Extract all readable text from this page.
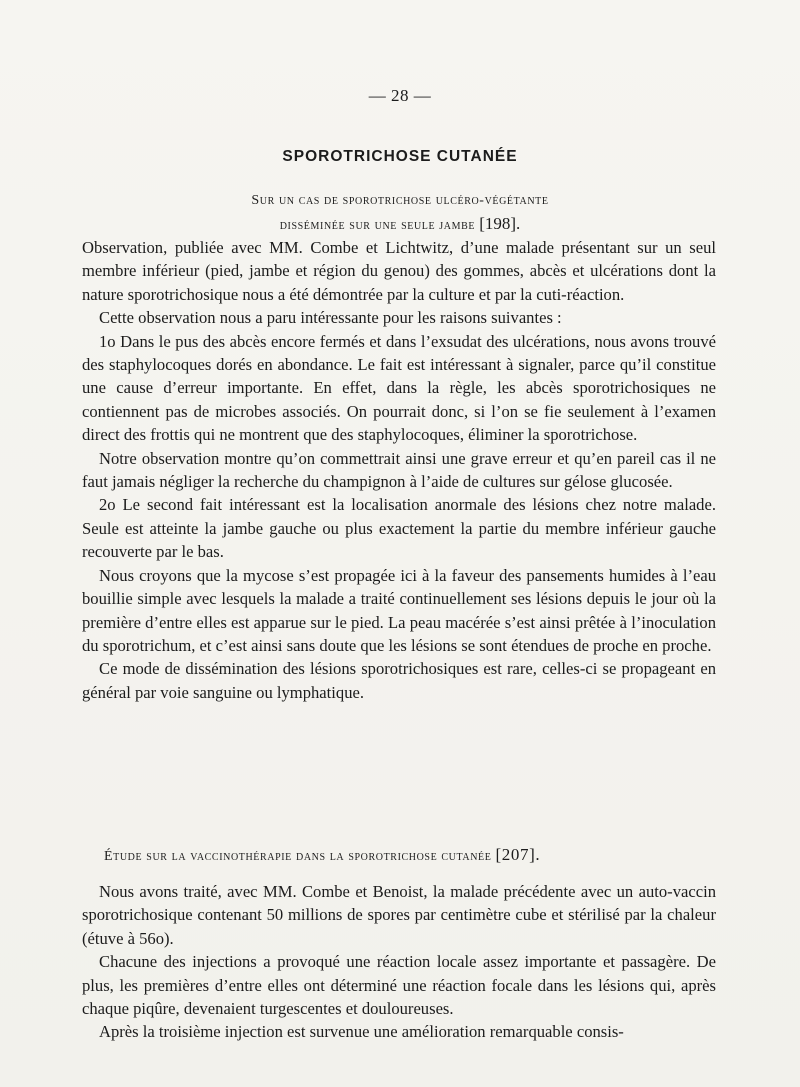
— 28 —
SPOROTRICHOSE CUTANÉE
Sur un cas de sporotrichose ulcéro-végétante
disséminée sur une seule jambe [198].

Observation, publiée avec MM. Combe et Lichtwitz, d’une malade présentant sur un seul membre inférieur (pied, jambe et région du genou) des gommes, abcès et ulcérations dont la nature sporotrichosique nous a été démontrée par la culture et par la cuti-réaction.

Cette observation nous a paru intéressante pour les raisons suivantes :

1o Dans le pus des abcès encore fermés et dans l’exsudat des ulcérations, nous avons trouvé des staphylocoques dorés en abondance. Le fait est intéressant à signaler, parce qu’il constitue une cause d’erreur importante. En effet, dans la règle, les abcès sporotrichosiques ne contiennent pas de microbes associés. On pourrait donc, si l’on se fie seulement à l’examen direct des frottis qui ne montrent que des staphylocoques, éliminer la sporotrichose.

Notre observation montre qu’on commettrait ainsi une grave erreur et qu’en pareil cas il ne faut jamais négliger la recherche du champignon à l’aide de cultures sur gélose glucosée.

2o Le second fait intéressant est la localisation anormale des lésions chez notre malade. Seule est atteinte la jambe gauche ou plus exactement la partie du membre inférieur gauche recouverte par le bas.

Nous croyons que la mycose s’est propagée ici à la faveur des pansements humides à l’eau bouillie simple avec lesquels la malade a traité continuellement ses lésions depuis le jour où la première d’entre elles est apparue sur le pied. La peau macérée s’est ainsi prêtée à l’inoculation du sporotrichum, et c’est ainsi sans doute que les lésions se sont étendues de proche en proche.

Ce mode de dissémination des lésions sporotrichosiques est rare, celles-ci se propageant en général par voie sanguine ou lymphatique.

Étude sur la vaccinothérapie dans la sporotrichose cutanée [207].

Nous avons traité, avec MM. Combe et Benoist, la malade précédente avec un auto-vaccin sporotrichosique contenant 50 millions de spores par centimètre cube et stérilisé par la chaleur (étuve à 56o).

Chacune des injections a provoqué une réaction locale assez importante et passagère. De plus, les premières d’entre elles ont déterminé une réaction focale dans les lésions qui, après chaque piqûre, devenaient turgescentes et douloureuses.

Après la troisième injection est survenue une amélioration remarquable consis-
